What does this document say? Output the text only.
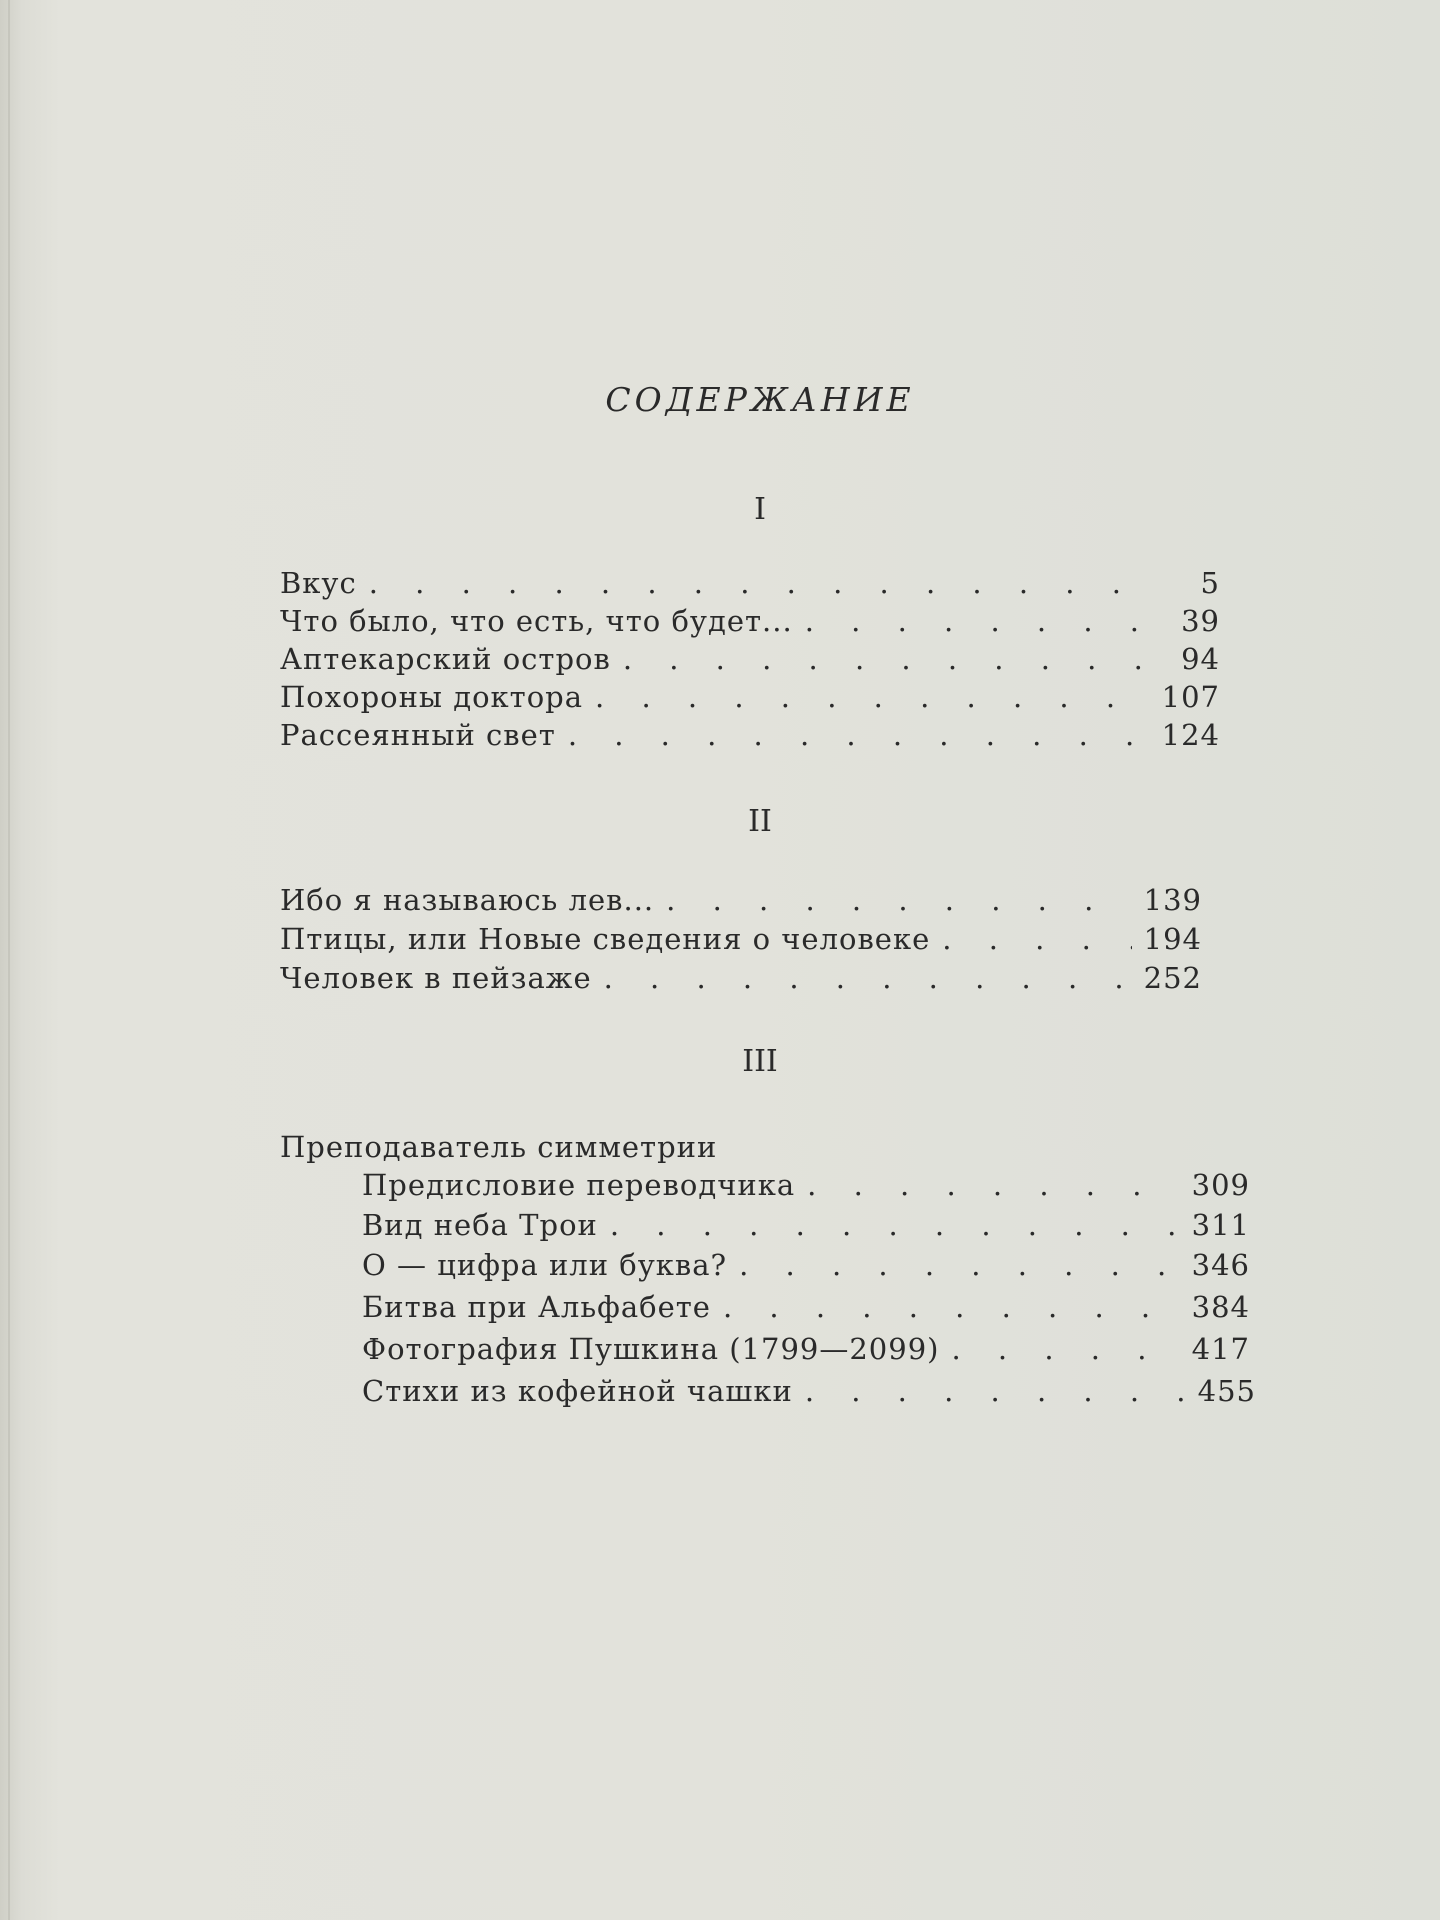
СОДЕРЖАНИЕ
I
Вкус . . .	5
Что было, что есть, что будет... . . .	39
Аптекарский остров . . .	94
Похороны доктора . . .	107
Рассеянный свет . . .	124
II
Ибо я называюсь лев... . . .	139
Птицы, или Новые сведения о человеке . . .	194
Человек в пейзаже . . .	252
III
Преподаватель симметрии
Предисловие переводчика . . .	309
Вид неба Трои . . .	311
О — цифра или буква? . . .	346
Битва при Альфабете . . .	384
Фотография Пушкина (1799—2099) . . .	417
Стихи из кофейной чашки . . .	455
